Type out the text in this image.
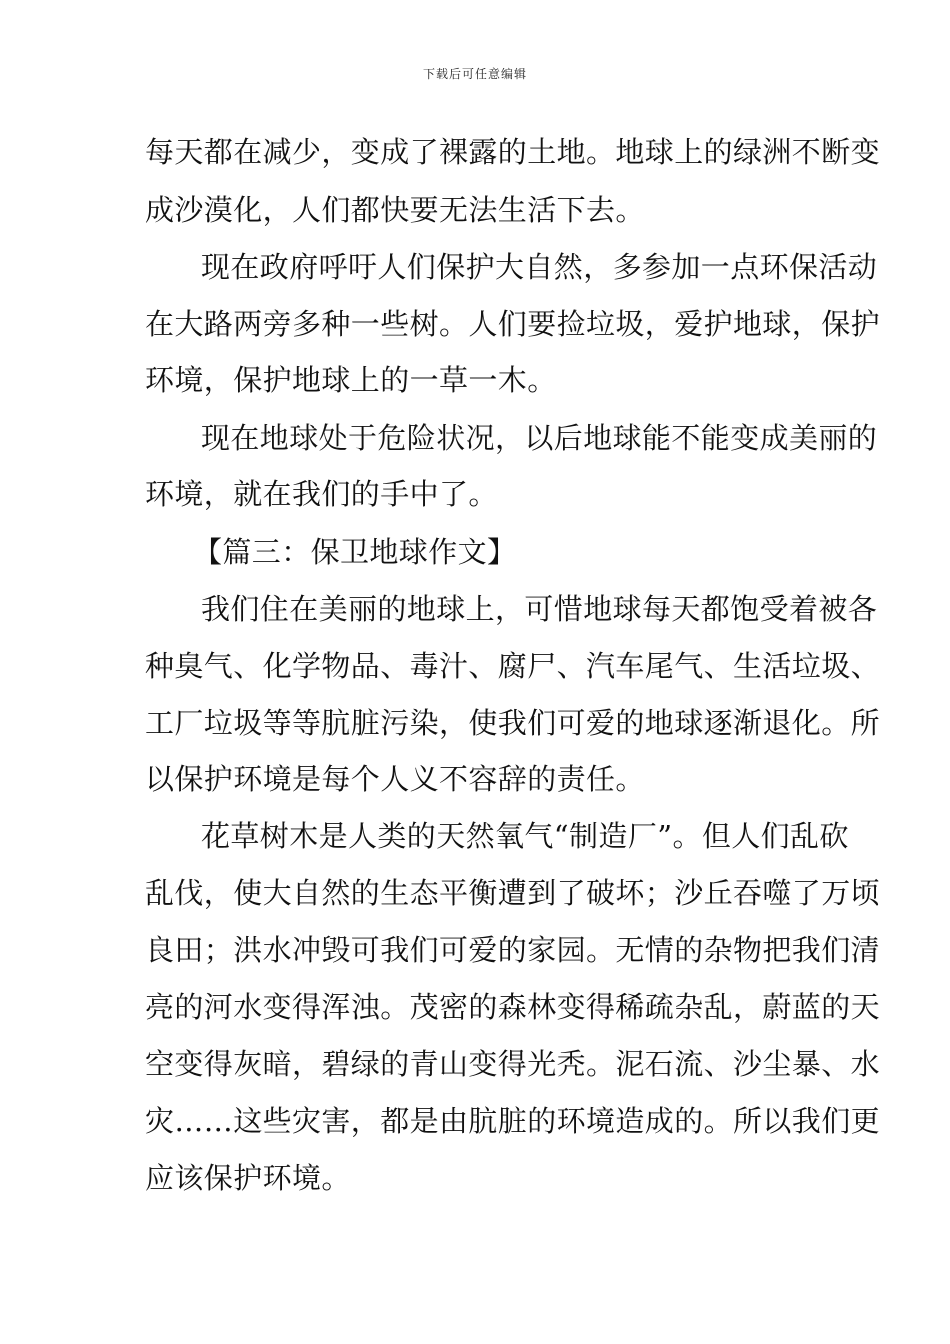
下载后可任意编辑
每天都在减少，变成了裸露的土地。地球上的绿洲不断变
成沙漠化，人们都快要无法生活下去。
现在政府呼吁人们保护大自然，多参加一点环保活动
在大路两旁多种一些树。人们要捡垃圾，爱护地球，保护
环境，保护地球上的一草一木。
现在地球处于危险状况，以后地球能不能变成美丽的
环境，就在我们的手中了。
【篇三：保卫地球作文】
我们住在美丽的地球上，可惜地球每天都饱受着被各
种臭气、化学物品、毒汁、腐尸、汽车尾气、生活垃圾、
工厂垃圾等等肮脏污染，使我们可爱的地球逐渐退化。所
以保护环境是每个人义不容辞的责任。
花草树木是人类的天然氧气“制造厂”。但人们乱砍
乱伐，使大自然的生态平衡遭到了破坏；沙丘吞噬了万顷
良田；洪水冲毁可我们可爱的家园。无情的杂物把我们清
亮的河水变得浑浊。茂密的森林变得稀疏杂乱，蔚蓝的天
空变得灰暗，碧绿的青山变得光秃。泥石流、沙尘暴、水
灾……这些灾害，都是由肮脏的环境造成的。所以我们更
应该保护环境。
